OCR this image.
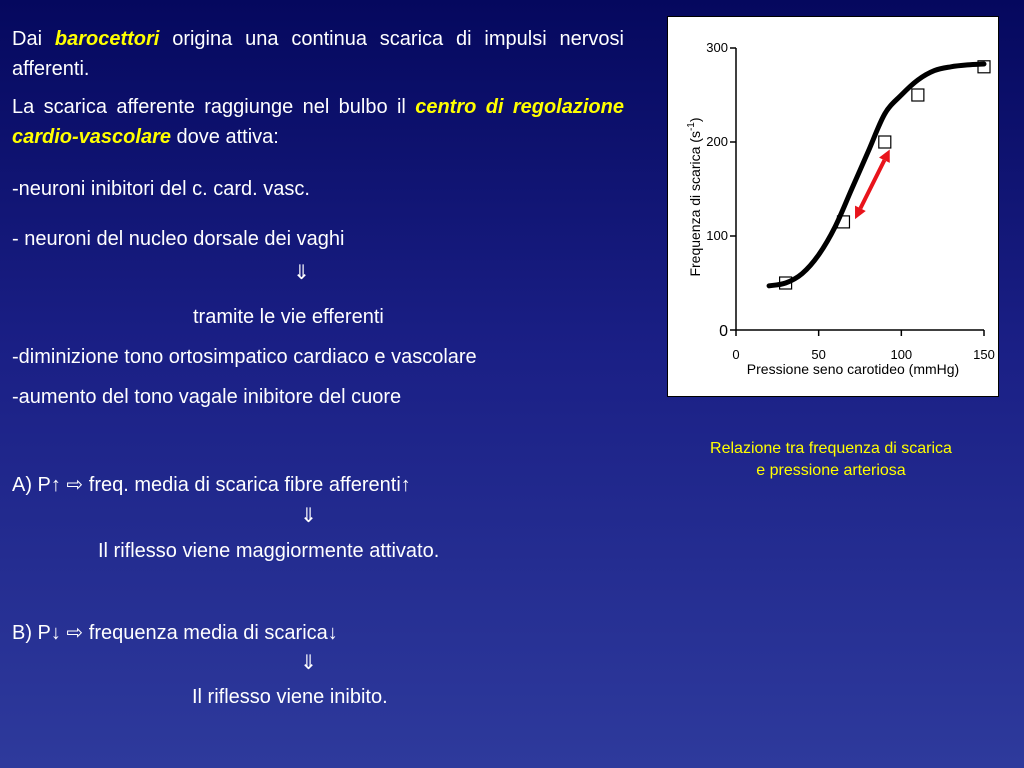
Dai barocettori origina una continua scarica di impulsi nervosi afferenti.

La scarica afferente raggiunge nel bulbo il centro di regolazione cardio-vascolare dove attiva:

-neuroni inibitori del c. card. vasc.
- neuroni del nucleo dorsale dei vaghi
⇓
tramite le vie efferenti
-diminizione tono ortosimpatico cardiaco e vascolare
-aumento del tono vagale inibitore del cuore
A) P↑ ⇨ freq. media di scarica fibre afferenti↑
⇓
Il riflesso viene maggiormente attivato.
B) P↓ ⇨ frequenza media di scarica↓
⇓
Il riflesso viene inibito.
0	50	100	150
0
100
200
300
Pressione seno carotideo (mmHg)
Frequenza di scarica $(s^{-1})$
Relazione tra frequenza di scarica
e pressione arteriosa
